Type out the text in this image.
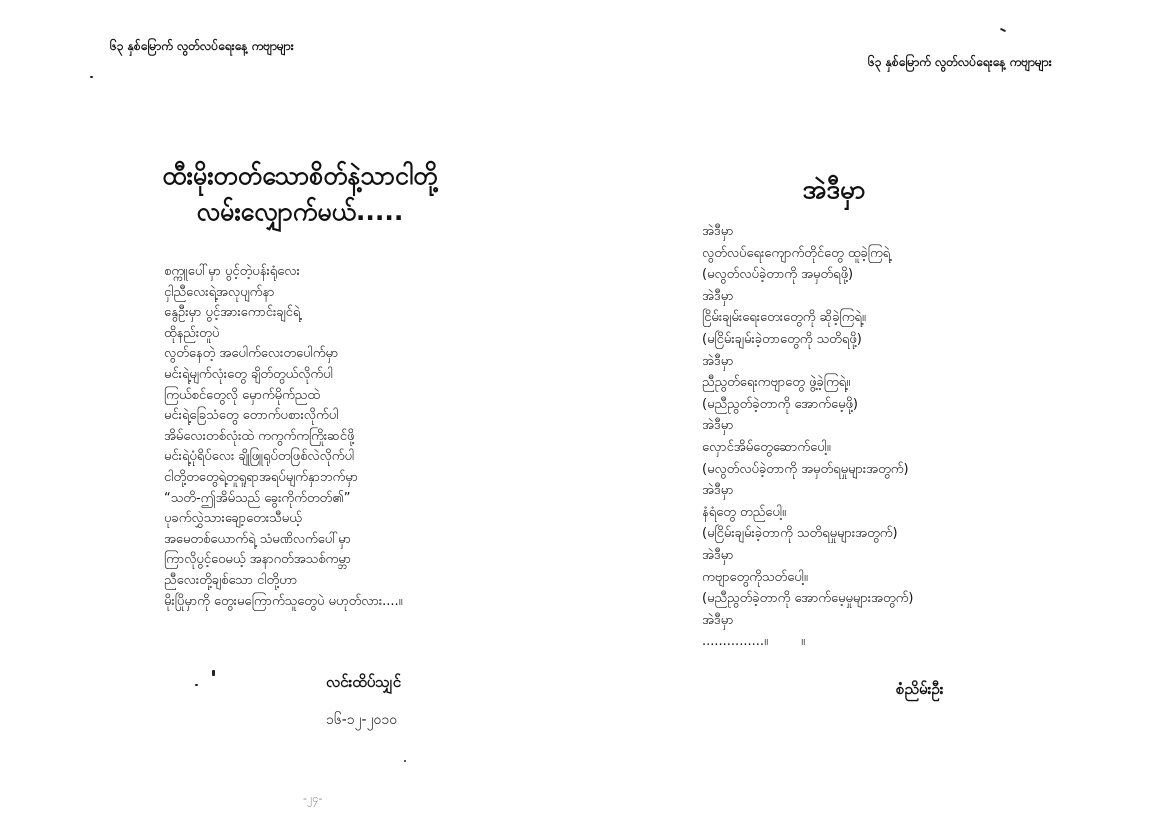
၆၃ နှစ်မြောက် လွတ်လပ်ရေးနေ့ ကဗျာများ
ထီးမိုးတတ်သောစိတ်နဲ့သာငါတို့
လမ်းလျှောက်မယ်.....
စက္ကူပေါ်မှာ ပွင့်တဲ့ပန်းရုံလေး
ငှါညီလေးရဲ့အလုပျက်နာ
နွေဦးမှာ ပွင့်အားကောင်းချင်ရဲ့
ထိုနည်းတူပဲ
လွတ်နေတဲ့ အပေါက်လေးတပေါက်မှာ
မင်းရဲ့မျက်လုံးတွေ ချိတ်တွယ်လိုက်ပါ
ကြယ်စင်တွေလို မှောက်မိုက်ညထဲ
မင်းရဲ့ခြေသံတွေ တောက်ပစားလိုက်ပါ
အိမ်လေးတစ်လုံးထဲ ကကွက်ကကြိုးဆင်ဖို့
မင်းရဲ့ပုံရိပ်လေး ချိုဖြူရုပ်တဖြစ်လဲလိုက်ပါ
ငါတို့တတွေရဲ့တူရူရာအရပ်မျက်နှာဘက်မှာ
“သတိ-ဤအိမ်သည် ခွေးကိုက်တတ်၏”
ပုခက်လွှဲသားချော့တေးသီမယ့်
အမေတစ်ယောက်ရဲ့ သံမဏိလက်ပေါ်မှာ
ကြာလိုပွင့်ဝေမယ့် အနာဂတ်အသစ်ကမ္ဘာ
ညီလေးတို့ချစ်သော ငါတို့ဟာ
မိုးပြိုမှာကို တွေးမကြောက်သူတွေပဲ မဟုတ်လား....။
လင်းထိပ်သျှင်
၁၆-၁၂-၂၀၁၀
-၂၄-
၆၃ နှစ်မြောက် လွတ်လပ်ရေးနေ့ ကဗျာများ
အဲဒီမှာ
အဲဒီမှာ
လွတ်လပ်ရေးကျောက်တိုင်တွေ ထူခဲ့ကြရဲ့
(မလွတ်လပ်ခဲ့တာကို အမှတ်ရဖို့)
အဲဒီမှာ
ငြိမ်းချမ်းရေးတေးတွေကို ဆိုခဲ့ကြရဲ့။
(မငြိမ်းချမ်းခဲ့တာတွေကို သတိရဖို့)
အဲဒီမှာ
ညီညွတ်ရေးကဗျာတွေ ဖွဲ့ခဲ့ကြရဲ့။
(မညီညွတ်ခဲ့တာကို အောက်မေ့ဖို့)
အဲဒီမှာ
လှောင်အိမ်တွေဆောက်ပေါ့။
(မလွတ်လပ်ခဲ့တာကို အမှတ်ရမှုများအတွက်)
အဲဒီမှာ
နံရံတွေ တည်ပေါ့။
(မငြိမ်းချမ်းခဲ့တာကို သတိရမှုများအတွက်)
အဲဒီမှာ
ကဗျာတွေကိုသတ်ပေါ့။
(မညီညွတ်ခဲ့တာကို အောက်မေ့မှုများအတွက်)
အဲဒီမှာ
...............။        ။
စံညိမ်းဦး
